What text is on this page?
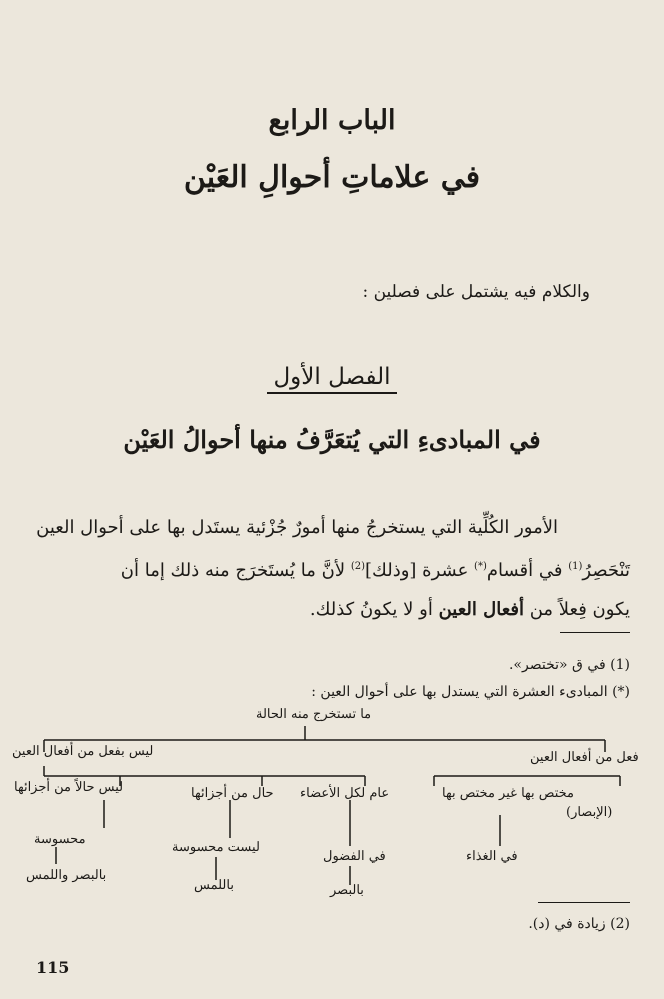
الباب الرابع
في علاماتِ أحوالِ العَيْن
والكلام فيه يشتمل على فصلين :
الفصل الأول
في المبادىءِ التي يُتعَرَّفُ منها أحوالُ العَيْن
الأمور الكُلِّية التي يستخرجُ منها أمورٌ جُزْئية يستَدل بها على أحوال العين
تَنْحَصِرُ$^{(1)}$ في أقسام(*) عشرة [وذلك]$^{(2)}$ لأنَّ ما يُستَخرَج منه ذلك إما أن
يكون فِعلاً من أفعال العين أو لا يكونُ كذلك.
(1) في ق «تختصر».
(*) المبادىء العشرة التي يستدل بها على أحوال العين :
ما تستخرج منه الحالة
ليس بفعل من أفعال العين	فعل من أفعال العين
مختص بها غير مختص بها
(الإبصار)
عام لكل الأعضاء
حال من أجزائها
ليس حالاً من أجزائها
في الغذاء
في الفضول
بالبصر
ليست محسوسة
باللمس
محسوسة
بالبصر واللمس
(2) زيادة في (د).
115
